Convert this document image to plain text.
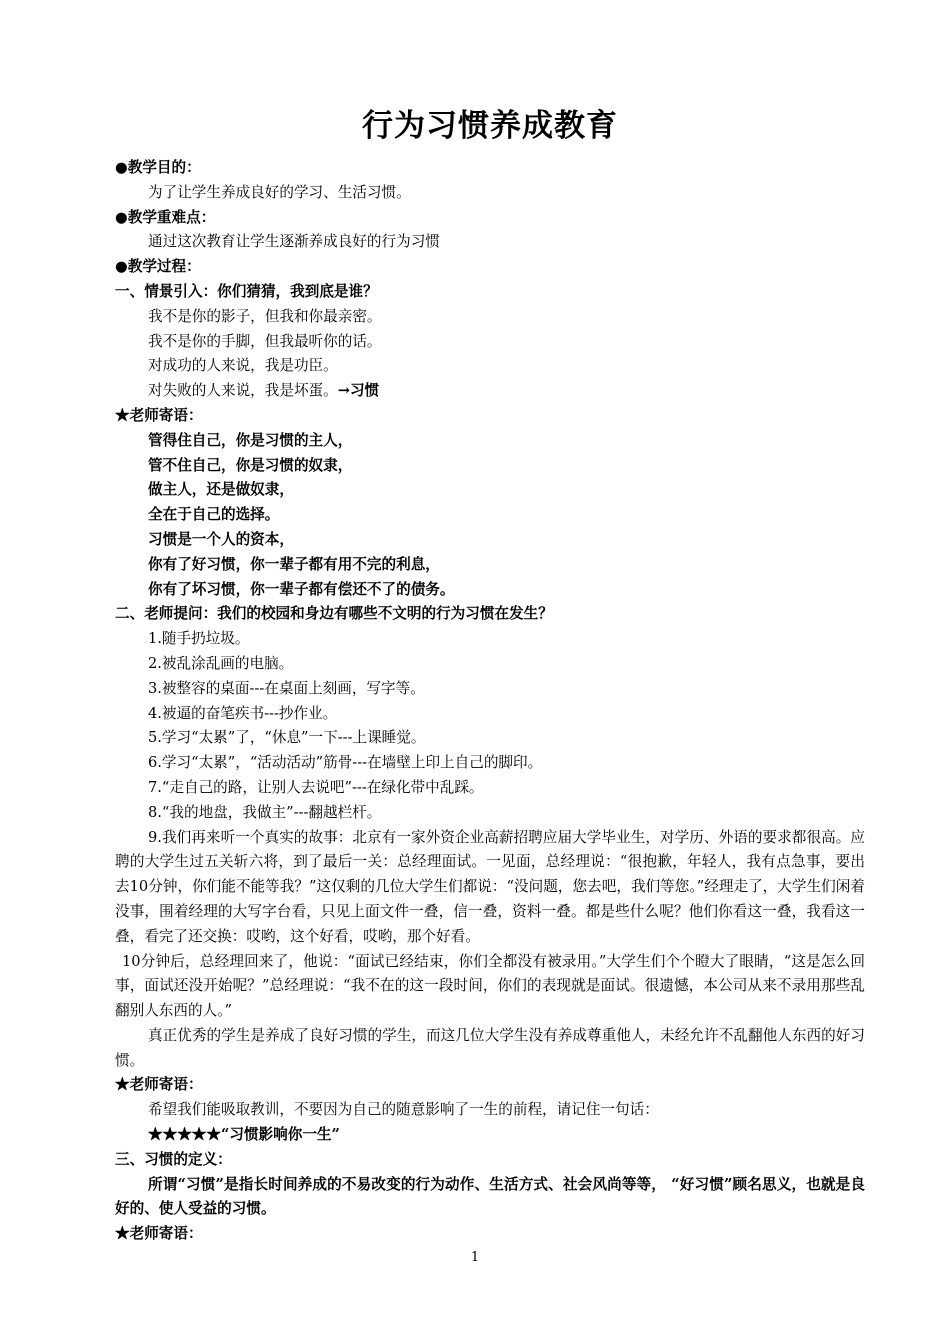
行为习惯养成教育
●教学目的：
为了让学生养成良好的学习、生活习惯。
●教学重难点：
通过这次教育让学生逐渐养成良好的行为习惯
●教学过程：
一、情景引入：你们猜猜，我到底是谁？
我不是你的影子，但我和你最亲密。
我不是你的手脚，但我最听你的话。
对成功的人来说，我是功臣。
对失败的人来说，我是坏蛋。→习惯
★老师寄语：
管得住自己，你是习惯的主人，
管不住自己，你是习惯的奴隶，
做主人，还是做奴隶，
全在于自己的选择。
习惯是一个人的资本，
你有了好习惯，你一辈子都有用不完的利息，
你有了坏习惯，你一辈子都有偿还不了的债务。
二、老师提问：我们的校园和身边有哪些不文明的行为习惯在发生？
1.随手扔垃圾。
2.被乱涂乱画的电脑。
3.被整容的桌面---在桌面上刻画，写字等。
4.被逼的奋笔疾书---抄作业。
5.学习“太累”了，“休息”一下---上课睡觉。
6.学习“太累”，“活动活动”筋骨---在墙壁上印上自己的脚印。
7.“走自己的路，让别人去说吧”---在绿化带中乱踩。
8.“我的地盘，我做主”---翻越栏杆。
9.我们再来听一个真实的故事：北京有一家外资企业高薪招聘应届大学毕业生，对学历、外语的要求都很高。应聘的大学生过五关斩六将，到了最后一关：总经理面试。一见面，总经理说：“很抱歉，年轻人，我有点急事，要出去10分钟，你们能不能等我？”这仅剩的几位大学生们都说：“没问题，您去吧，我们等您。”经理走了，大学生们闲着没事，围着经理的大写字台看，只见上面文件一叠，信一叠，资料一叠。都是些什么呢？他们你看这一叠，我看这一叠，看完了还交换：哎哟，这个好看，哎哟，那个好看。
10分钟后，总经理回来了，他说：“面试已经结束，你们全都没有被录用。”大学生们个个瞪大了眼睛，“这是怎么回事，面试还没开始呢？”总经理说：“我不在的这一段时间，你们的表现就是面试。很遗憾，本公司从来不录用那些乱翻别人东西的人。”
真正优秀的学生是养成了良好习惯的学生，而这几位大学生没有养成尊重他人，未经允许不乱翻他人东西的好习惯。
★老师寄语：
希望我们能吸取教训，不要因为自己的随意影响了一生的前程，请记住一句话：
★★★★★“习惯影响你一生”
三、习惯的定义：
所谓“习惯”是指长时间养成的不易改变的行为动作、生活方式、社会风尚等等， “好习惯”顾名思义，也就是良好的、使人受益的习惯。
★老师寄语：
1
